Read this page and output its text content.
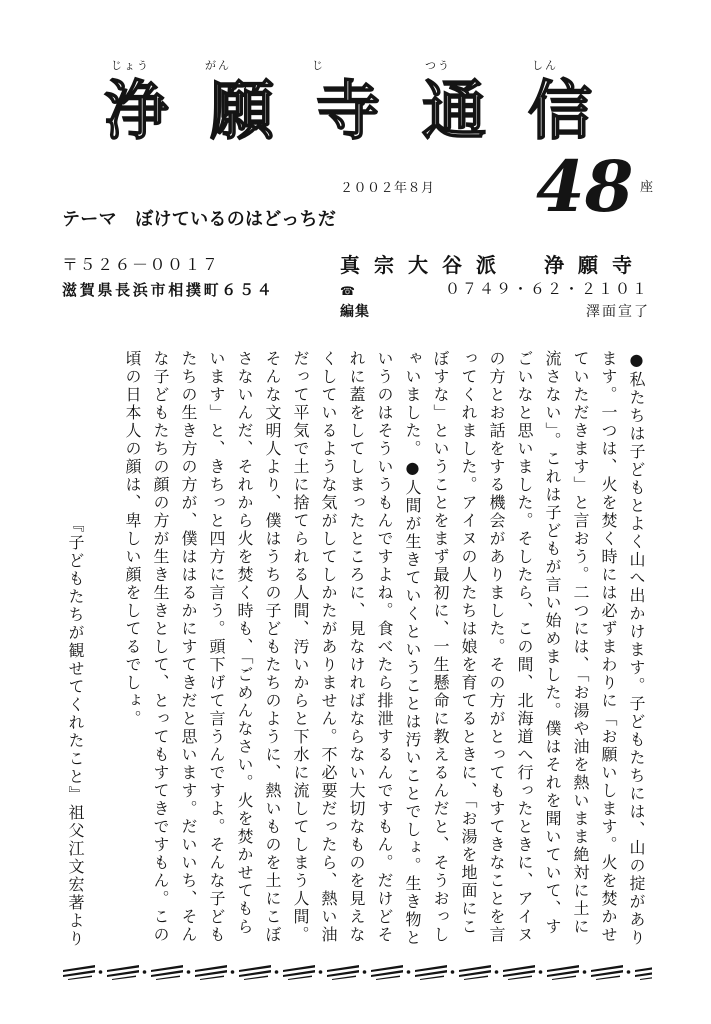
じょう	がん	じ	つう	しん
浄願寺通信
２００２年８月 48 座
テーマ　ぼけているのはどっちだ
〒５２６－００１７
滋賀県長浜市相撲町６５４
真宗大谷派　浄願寺
☎	０７４９・６２・２１０１
編集	澤面宣了

●私たちは子どもとよく山へ出かけます。子どもたちには、山の掟があり

ます。一つは、火を焚く時には必ずまわりに「お願いします。火を焚かせ

ていただきます」と言おう。二つには、「お湯や油を熱いまま絶対に土に

流さない」。これは子どもが言い始めました。僕はそれを聞いていて、す

ごいなと思いました。そしたら、この間、北海道へ行ったときに、アイヌ

の方とお話をする機会がありました。その方がとってもすてきなことを言

ってくれました。アイヌの人たちは娘を育てるときに、「お湯を地面にこ

ぼすな」ということをまず最初に、一生懸命に教えるんだと、そうおっし

ゃいました。●人間が生きていくということは汚いことでしょ。生き物と

いうのはそういうもんですよね。食べたら排泄するんですもん。だけどそ

れに蓋をしてしまったところに、見なければならない大切なものを見えな

くしているような気がしてしかたがありません。不必要だったら、熱い油

だって平気で土に捨てられる人間、汚いからと下水に流してしまう人間。

そんな文明人より、僕はうちの子どもたちのように、熱いものを土にこぼ

さないんだ、それから火を焚く時も、「ごめんなさい。火を焚かせてもら

います」と、きちっと四方に言う。頭下げて言うんですよ。そんな子ども

たちの生き方の方が、僕ははるかにすてきだと思います。だいいち、そん

な子どもたちの顔の方が生き生きとして、とってもすてきですもん。この

頃の日本人の顔は、卑しい顔をしてるでしょ。

『子どもたちが観せてくれたこと』祖父江文宏著より
